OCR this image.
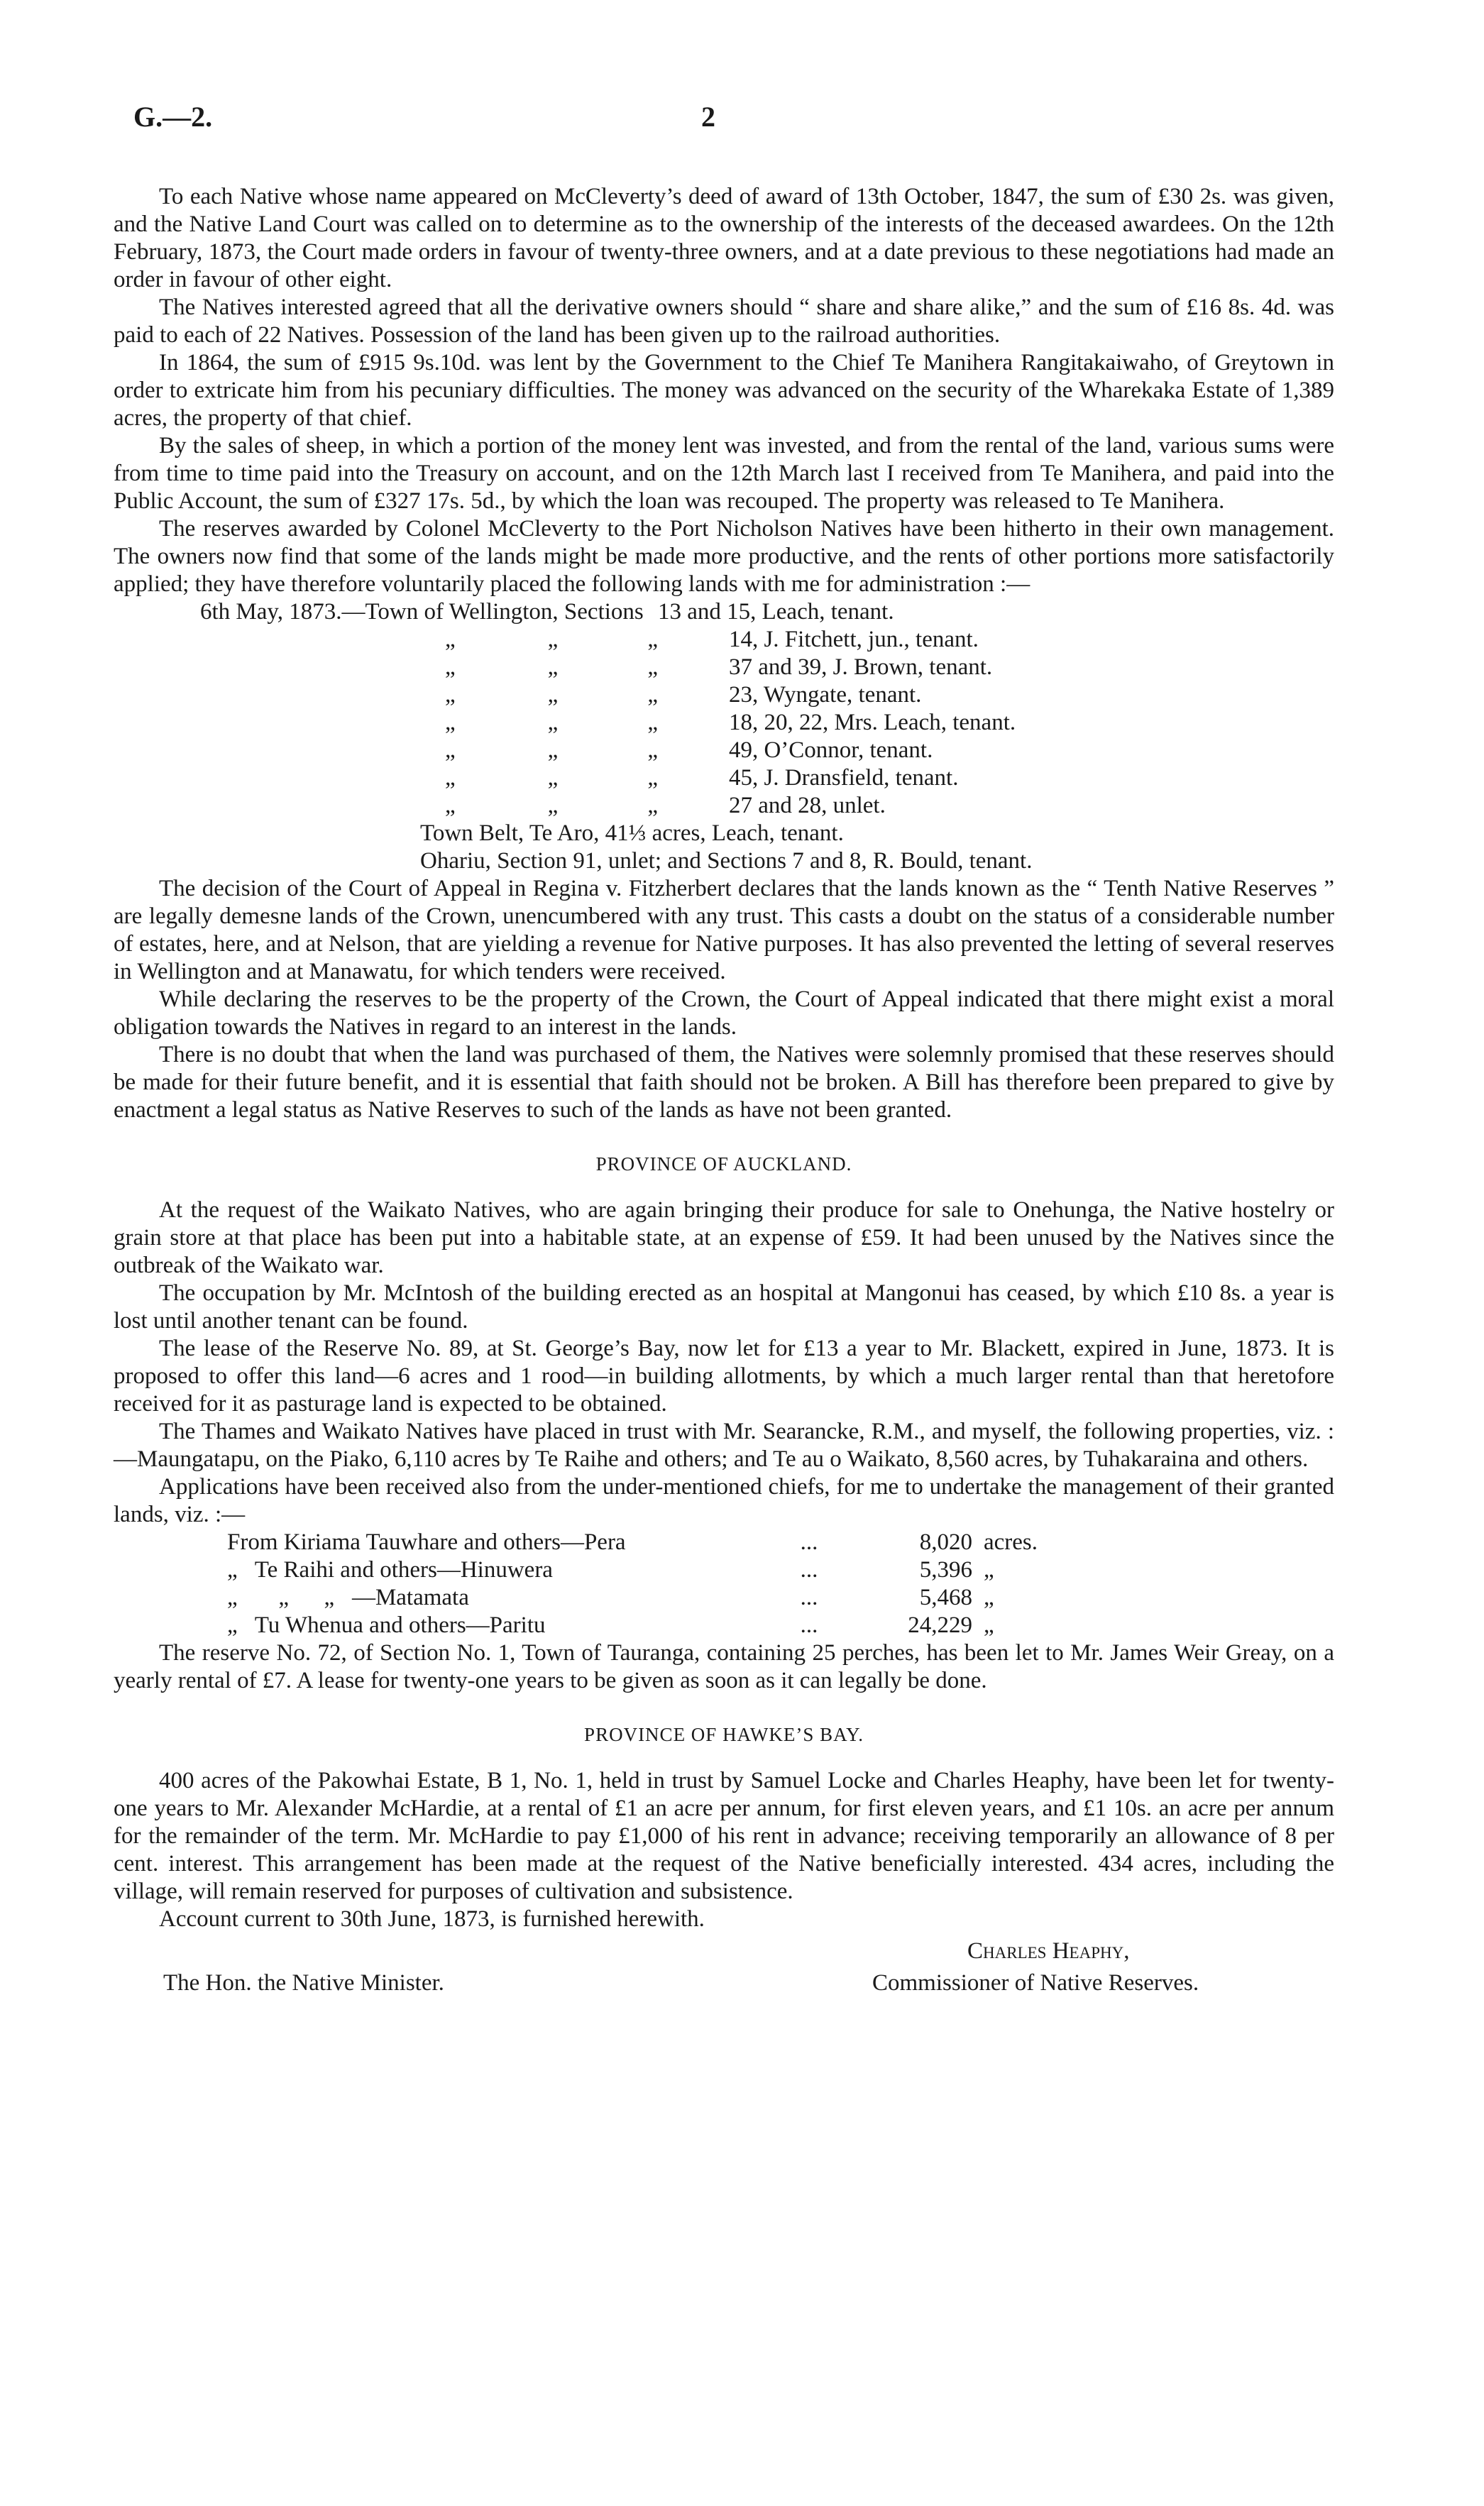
G.—2.	2

To each Native whose name appeared on McCleverty’s deed of award of 13th October, 1847, the sum of £30 2s. was given, and the Native Land Court was called on to determine as to the ownership of the interests of the deceased awardees. On the 12th February, 1873, the Court made orders in favour of twenty-three owners, and at a date previous to these negotiations had made an order in favour of other eight.

The Natives interested agreed that all the derivative owners should “ share and share alike,” and the sum of £16 8s. 4d. was paid to each of 22 Natives. Possession of the land has been given up to the railroad authorities.

In 1864, the sum of £915 9s.10d. was lent by the Government to the Chief Te Manihera Rangitakaiwaho, of Greytown in order to extricate him from his pecuniary difficulties. The money was advanced on the security of the Wharekaka Estate of 1,389 acres, the property of that chief.

By the sales of sheep, in which a portion of the money lent was invested, and from the rental of the land, various sums were from time to time paid into the Treasury on account, and on the 12th March last I received from Te Manihera, and paid into the Public Account, the sum of £327 17s. 5d., by which the loan was recouped. The property was released to Te Manihera.

The reserves awarded by Colonel McCleverty to the Port Nicholson Natives have been hitherto in their own management. The owners now find that some of the lands might be made more productive, and the rents of other portions more satisfactorily applied; they have therefore voluntarily placed the following lands with me for administration :—

6th May, 1873.—Town of Wellington, Sections			13 and 15, Leach, tenant.
„	„	„	14, J. Fitchett, jun., tenant.
„	„	„	37 and 39, J. Brown, tenant.
„	„	„	23, Wyngate, tenant.
„	„	„	18, 20, 22, Mrs. Leach, tenant.
„	„	„	49, O’Connor, tenant.
„	„	„	45, J. Dransfield, tenant.
„	„	„	27 and 28, unlet.

Town Belt, Te Aro, 41⅓ acres, Leach, tenant.

Ohariu, Section 91, unlet; and Sections 7 and 8, R. Bould, tenant.

The decision of the Court of Appeal in Regina v. Fitzherbert declares that the lands known as the “ Tenth Native Reserves ” are legally demesne lands of the Crown, unencumbered with any trust. This casts a doubt on the status of a considerable number of estates, here, and at Nelson, that are yielding a revenue for Native purposes. It has also prevented the letting of several reserves in Wellington and at Manawatu, for which tenders were received.

While declaring the reserves to be the property of the Crown, the Court of Appeal indicated that there might exist a moral obligation towards the Natives in regard to an interest in the lands.

There is no doubt that when the land was purchased of them, the Natives were solemnly promised that these reserves should be made for their future benefit, and it is essential that faith should not be broken. A Bill has therefore been prepared to give by enactment a legal status as Native Reserves to such of the lands as have not been granted.

PROVINCE OF AUCKLAND.

At the request of the Waikato Natives, who are again bringing their produce for sale to Onehunga, the Native hostelry or grain store at that place has been put into a habitable state, at an expense of £59. It had been unused by the Natives since the outbreak of the Waikato war.

The occupation by Mr. McIntosh of the building erected as an hospital at Mangonui has ceased, by which £10 8s. a year is lost until another tenant can be found.

The lease of the Reserve No. 89, at St. George’s Bay, now let for £13 a year to Mr. Blackett, expired in June, 1873. It is proposed to offer this land—6 acres and 1 rood—in building allotments, by which a much larger rental than that heretofore received for it as pasturage land is expected to be obtained.

The Thames and Waikato Natives have placed in trust with Mr. Searancke, R.M., and myself, the following properties, viz. :—Maungatapu, on the Piako, 6,110 acres by Te Raihe and others; and Te au o Waikato, 8,560 acres, by Tuhakaraina and others.

Applications have been received also from the under-mentioned chiefs, for me to undertake the management of their granted lands, viz. :—

From Kiriama Tauwhare and others—Pera	...	8,020	acres.
„   Te Raihi and others—Hinuwera	...	5,396	„
„       „      „   —Matamata	...	5,468	„
„   Tu Whenua and others—Paritu	...	24,229	„

The reserve No. 72, of Section No. 1, Town of Tauranga, containing 25 perches, has been let to Mr. James Weir Greay, on a yearly rental of £7. A lease for twenty-one years to be given as soon as it can legally be done.

PROVINCE OF HAWKE’S BAY.

400 acres of the Pakowhai Estate, B 1, No. 1, held in trust by Samuel Locke and Charles Heaphy, have been let for twenty-one years to Mr. Alexander McHardie, at a rental of £1 an acre per annum, for first eleven years, and £1 10s. an acre per annum for the remainder of the term. Mr. McHardie to pay £1,000 of his rent in advance; receiving temporarily an allowance of 8 per cent. interest. This arrangement has been made at the request of the Native beneficially interested. 434 acres, including the village, will remain reserved for purposes of cultivation and subsistence.

Account current to 30th June, 1873, is furnished herewith.

Charles Heaphy,
The Hon. the Native Minister.	Commissioner of Native Reserves.
